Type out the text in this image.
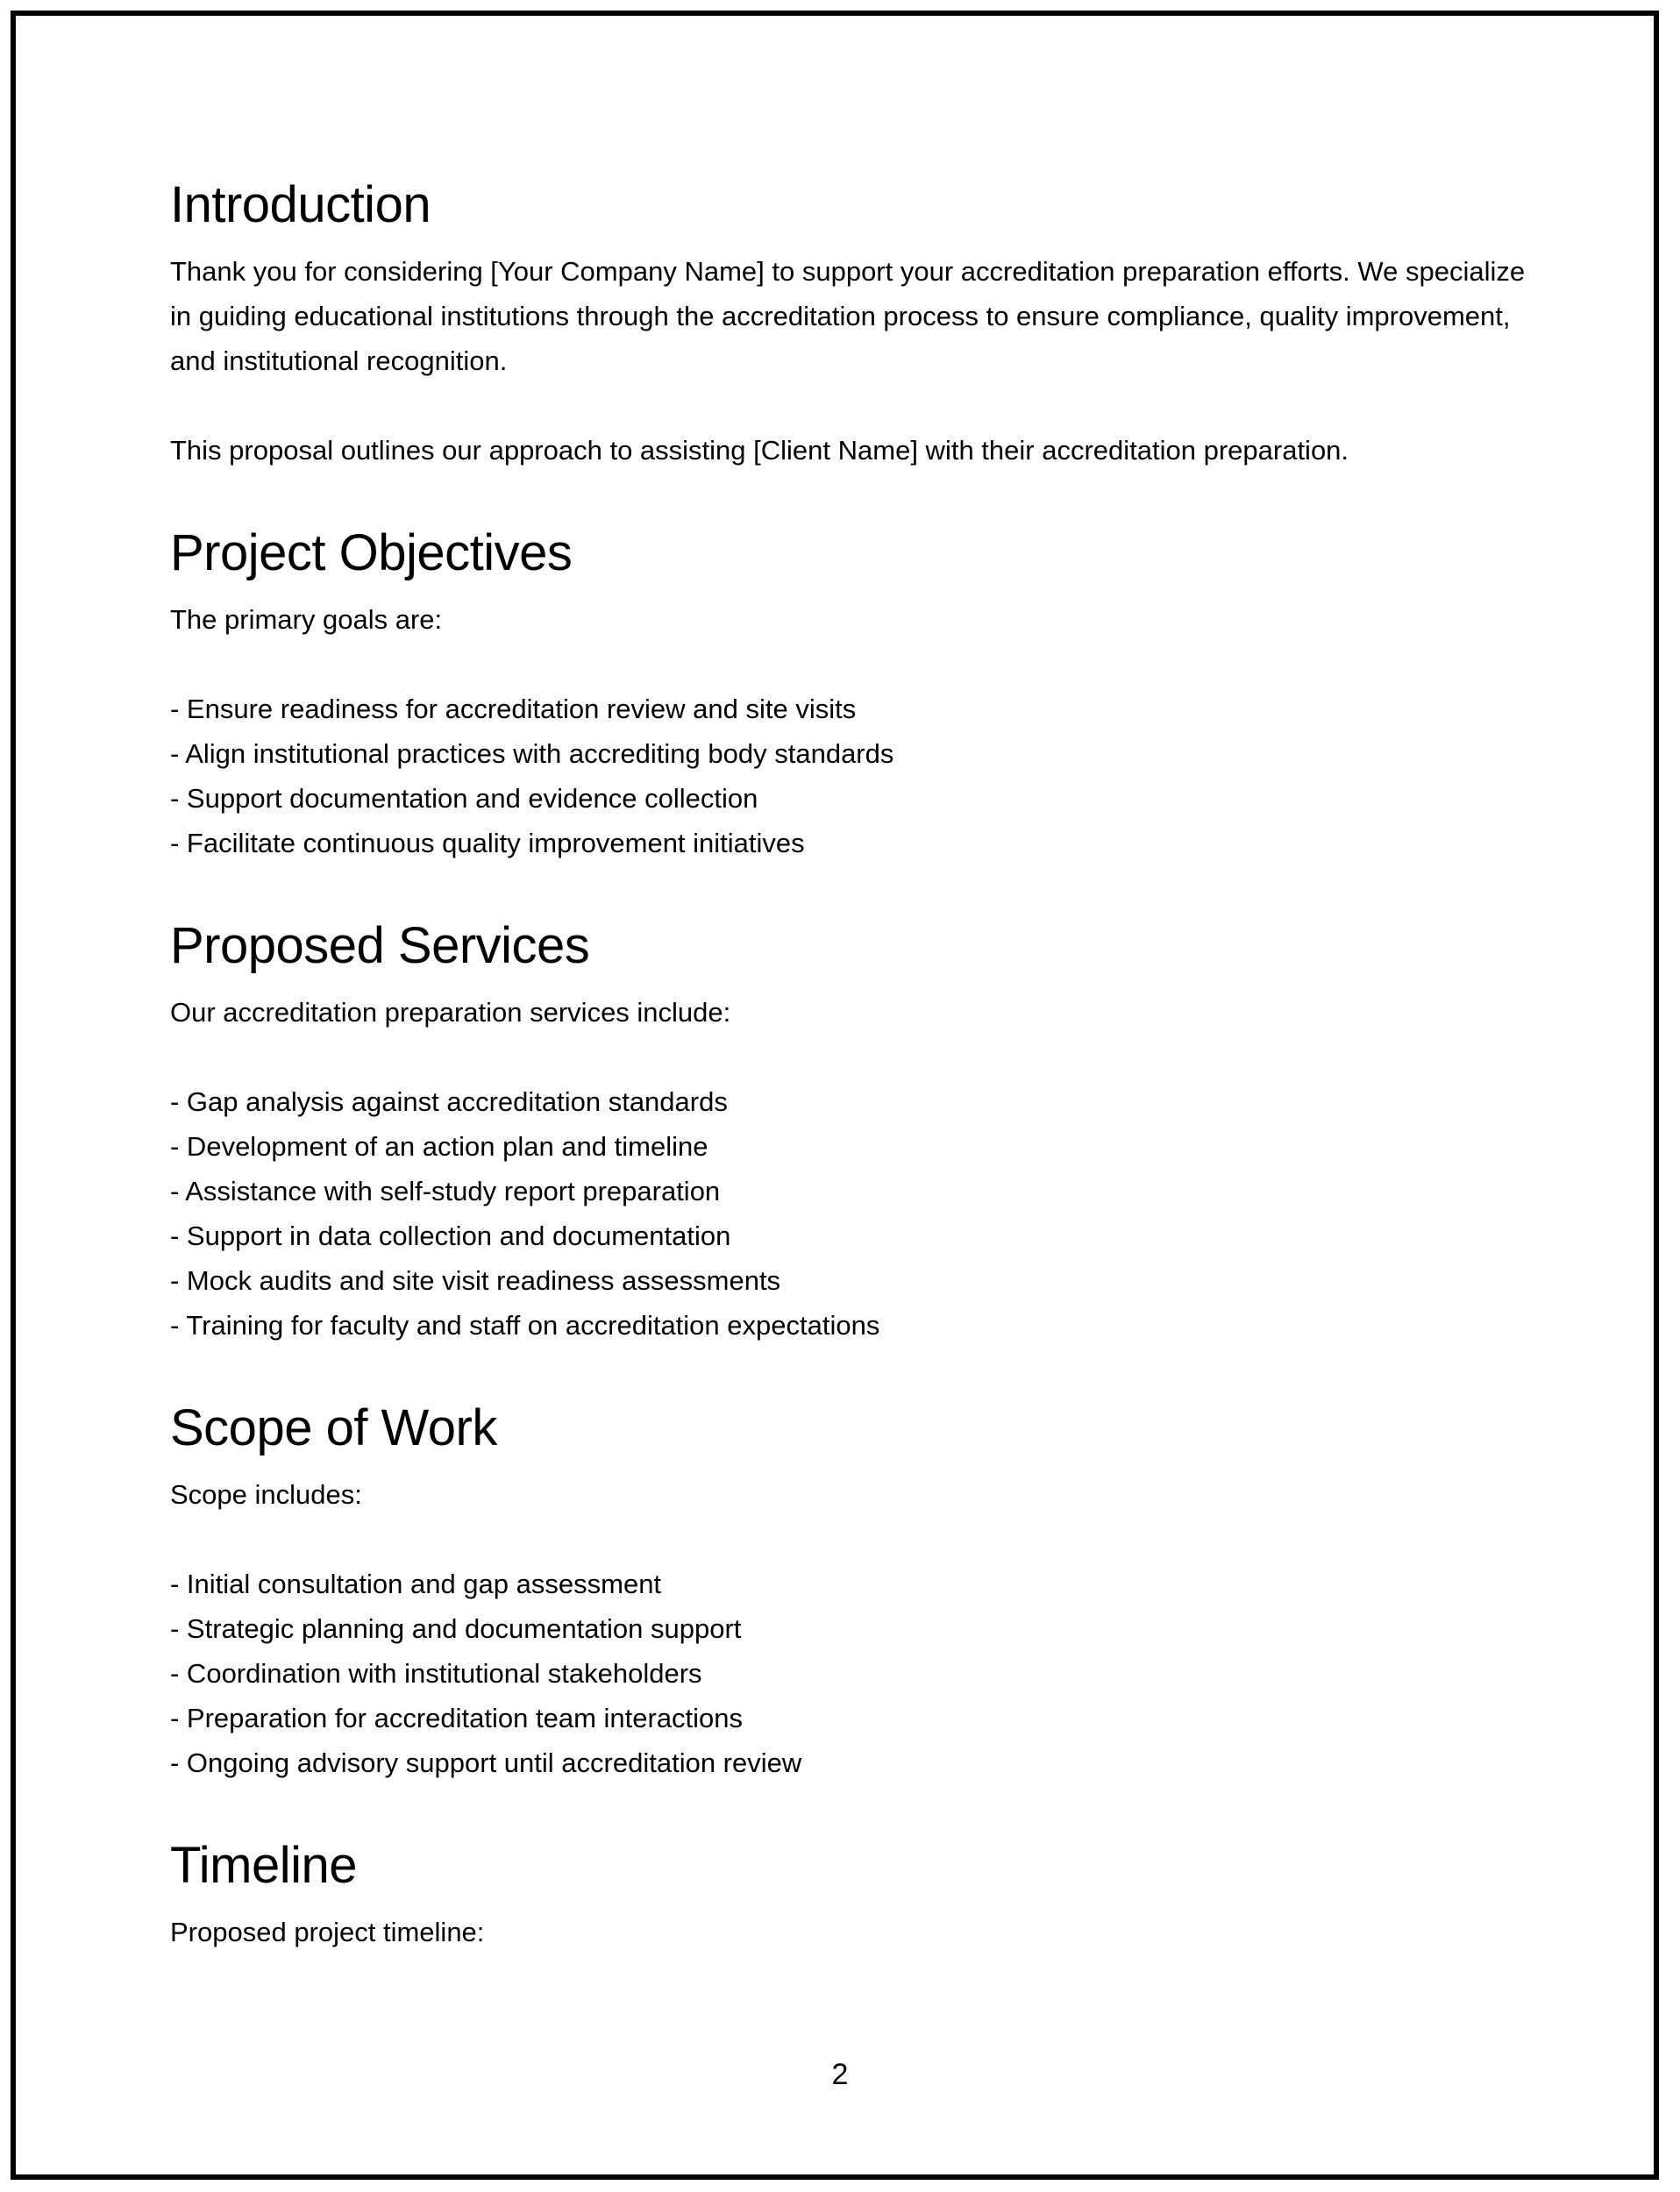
Introduction

Thank you for considering [Your Company Name] to support your accreditation preparation efforts. We specialize in guiding educational institutions through the accreditation process to ensure compliance, quality improvement, and institutional recognition.

This proposal outlines our approach to assisting [Client Name] with their accreditation preparation.

Project Objectives

The primary goals are:

- Ensure readiness for accreditation review and site visits
- Align institutional practices with accrediting body standards
- Support documentation and evidence collection
- Facilitate continuous quality improvement initiatives
Proposed Services

Our accreditation preparation services include:

- Gap analysis against accreditation standards
- Development of an action plan and timeline
- Assistance with self-study report preparation
- Support in data collection and documentation
- Mock audits and site visit readiness assessments
- Training for faculty and staff on accreditation expectations
Scope of Work

Scope includes:

- Initial consultation and gap assessment
- Strategic planning and documentation support
- Coordination with institutional stakeholders
- Preparation for accreditation team interactions
- Ongoing advisory support until accreditation review
Timeline

Proposed project timeline:

2
